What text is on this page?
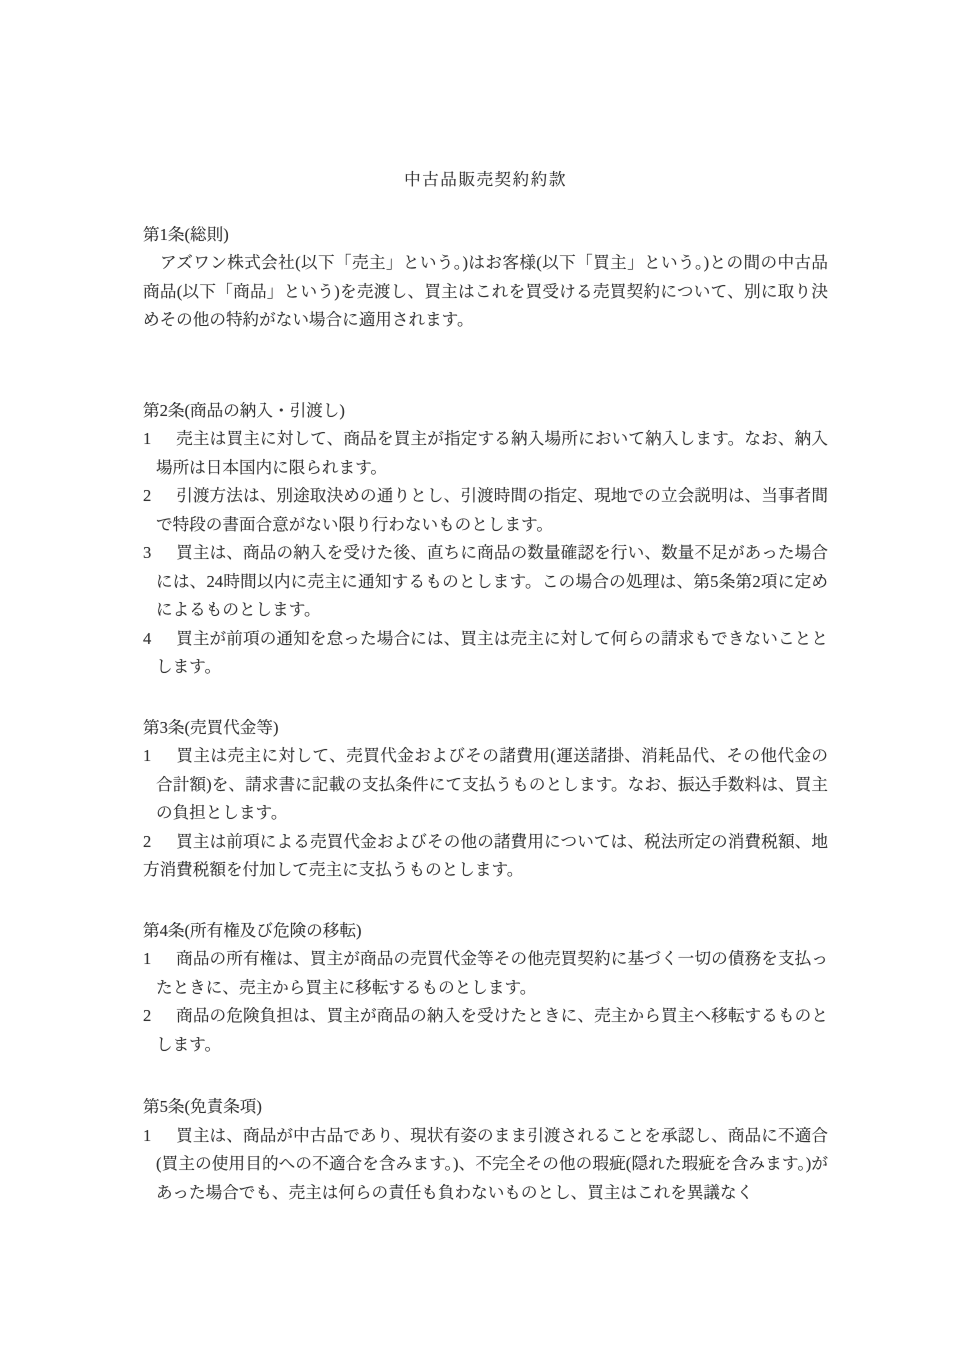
中古品販売契約約款
第1条(総則)

アズワン株式会社(以下「売主」という。)はお客様(以下「買主」という。)との間の中古品商品(以下「商品」という)を売渡し、買主はこれを買受ける売買契約について、別に取り決めその他の特約がない場合に適用されます。

第2条(商品の納入・引渡し)

1 売主は買主に対して、商品を買主が指定する納入場所において納入します。なお、納入場所は日本国内に限られます。

2 引渡方法は、別途取決めの通りとし、引渡時間の指定、現地での立会説明は、当事者間で特段の書面合意がない限り行わないものとします。

3 買主は、商品の納入を受けた後、直ちに商品の数量確認を行い、数量不足があった場合には、24時間以内に売主に通知するものとします。この場合の処理は、第5条第2項に定めによるものとします。

4 買主が前項の通知を怠った場合には、買主は売主に対して何らの請求もできないこととします。

第3条(売買代金等)

1 買主は売主に対して、売買代金およびその諸費用(運送諸掛、消耗品代、その他代金の合計額)を、請求書に記載の支払条件にて支払うものとします。なお、振込手数料は、買主の負担とします。

2 買主は前項による売買代金およびその他の諸費用については、税法所定の消費税額、地方消費税額を付加して売主に支払うものとします。

第4条(所有権及び危険の移転)

1 商品の所有権は、買主が商品の売買代金等その他売買契約に基づく一切の債務を支払ったときに、売主から買主に移転するものとします。

2 商品の危険負担は、買主が商品の納入を受けたときに、売主から買主へ移転するものとします。

第5条(免責条項)

1 買主は、商品が中古品であり、現状有姿のまま引渡されることを承認し、商品に不適合(買主の使用目的への不適合を含みます。)、不完全その他の瑕疵(隠れた瑕疵を含みます。)があった場合でも、売主は何らの責任も負わないものとし、買主はこれを異議なく
